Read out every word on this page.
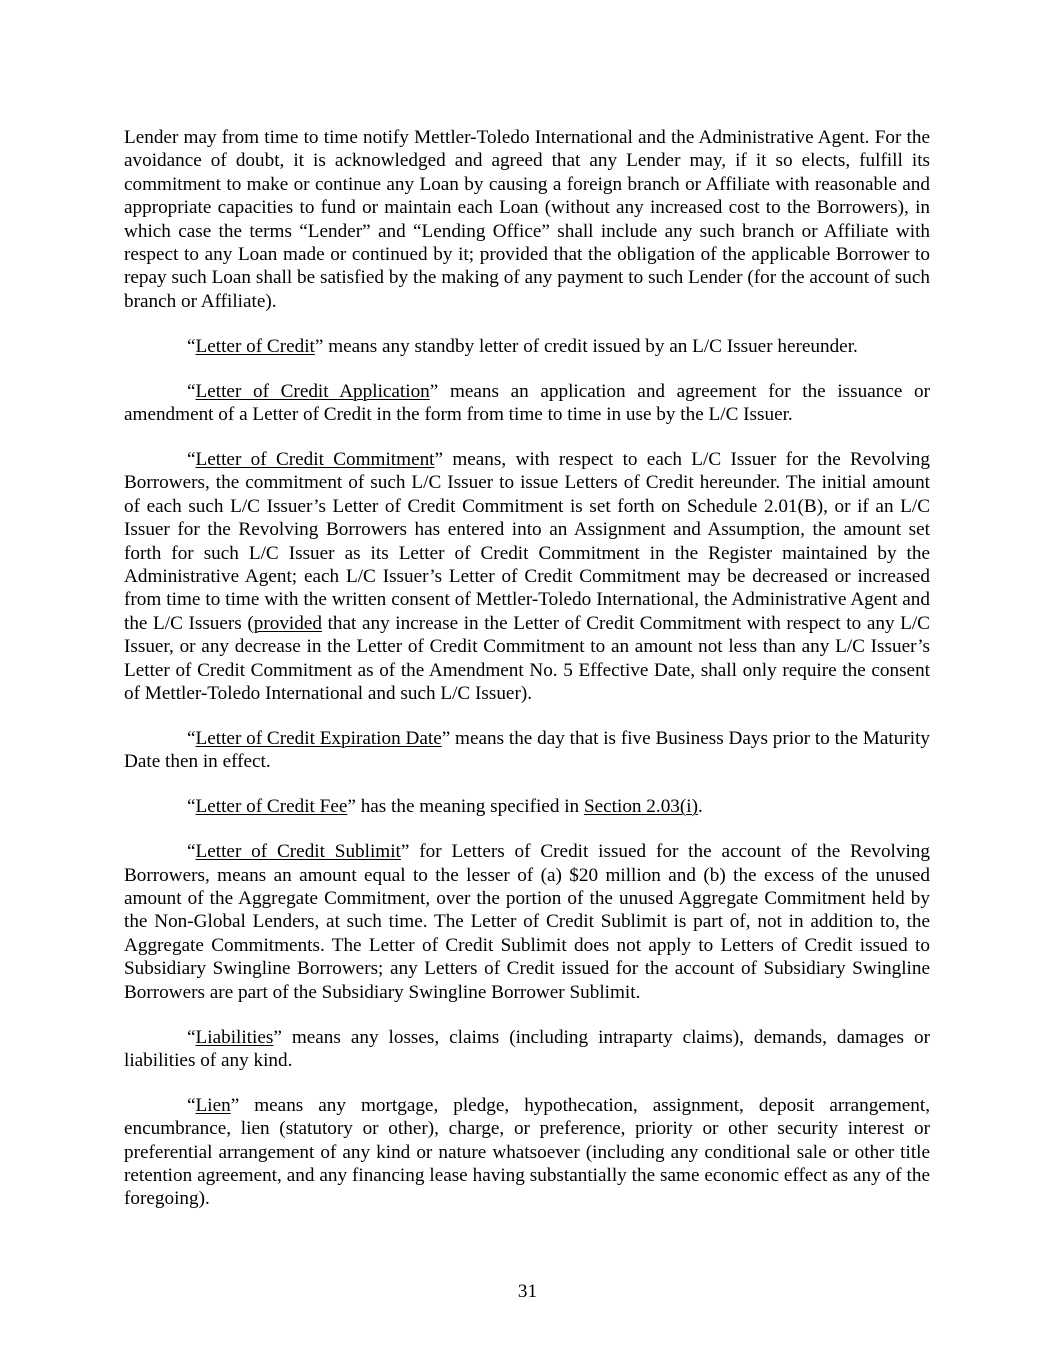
Lender may from time to time notify Mettler-Toledo International and the Administrative Agent. For the avoidance of doubt, it is acknowledged and agreed that any Lender may, if it so elects, fulfill its commitment to make or continue any Loan by causing a foreign branch or Affiliate with reasonable and appropriate capacities to fund or maintain each Loan (without any increased cost to the Borrowers), in which case the terms “Lender” and “Lending Office” shall include any such branch or Affiliate with respect to any Loan made or continued by it; provided that the obligation of the applicable Borrower to repay such Loan shall be satisfied by the making of any payment to such Lender (for the account of such branch or Affiliate).

“Letter of Credit” means any standby letter of credit issued by an L/C Issuer hereunder.

“Letter of Credit Application” means an application and agreement for the issuance or amendment of a Letter of Credit in the form from time to time in use by the L/C Issuer.

“Letter of Credit Commitment” means, with respect to each L/C Issuer for the Revolving Borrowers, the commitment of such L/C Issuer to issue Letters of Credit hereunder. The initial amount of each such L/C Issuer’s Letter of Credit Commitment is set forth on Schedule 2.01(B), or if an L/C Issuer for the Revolving Borrowers has entered into an Assignment and Assumption, the amount set forth for such L/C Issuer as its Letter of Credit Commitment in the Register maintained by the Administrative Agent; each L/C Issuer’s Letter of Credit Commitment may be decreased or increased from time to time with the written consent of Mettler-Toledo International, the Administrative Agent and the L/C Issuers (provided that any increase in the Letter of Credit Commitment with respect to any L/C Issuer, or any decrease in the Letter of Credit Commitment to an amount not less than any L/C Issuer’s Letter of Credit Commitment as of the Amendment No. 5 Effective Date, shall only require the consent of Mettler-Toledo International and such L/C Issuer).

“Letter of Credit Expiration Date” means the day that is five Business Days prior to the Maturity Date then in effect.

“Letter of Credit Fee” has the meaning specified in Section 2.03(i).

“Letter of Credit Sublimit” for Letters of Credit issued for the account of the Revolving Borrowers, means an amount equal to the lesser of (a) $20 million and (b) the excess of the unused amount of the Aggregate Commitment, over the portion of the unused Aggregate Commitment held by the Non-Global Lenders, at such time. The Letter of Credit Sublimit is part of, not in addition to, the Aggregate Commitments. The Letter of Credit Sublimit does not apply to Letters of Credit issued to Subsidiary Swingline Borrowers; any Letters of Credit issued for the account of Subsidiary Swingline Borrowers are part of the Subsidiary Swingline Borrower Sublimit.

“Liabilities” means any losses, claims (including intraparty claims), demands, damages or liabilities of any kind.

“Lien” means any mortgage, pledge, hypothecation, assignment, deposit arrangement, encumbrance, lien (statutory or other), charge, or preference, priority or other security interest or preferential arrangement of any kind or nature whatsoever (including any conditional sale or other title retention agreement, and any financing lease having substantially the same economic effect as any of the foregoing).

31
